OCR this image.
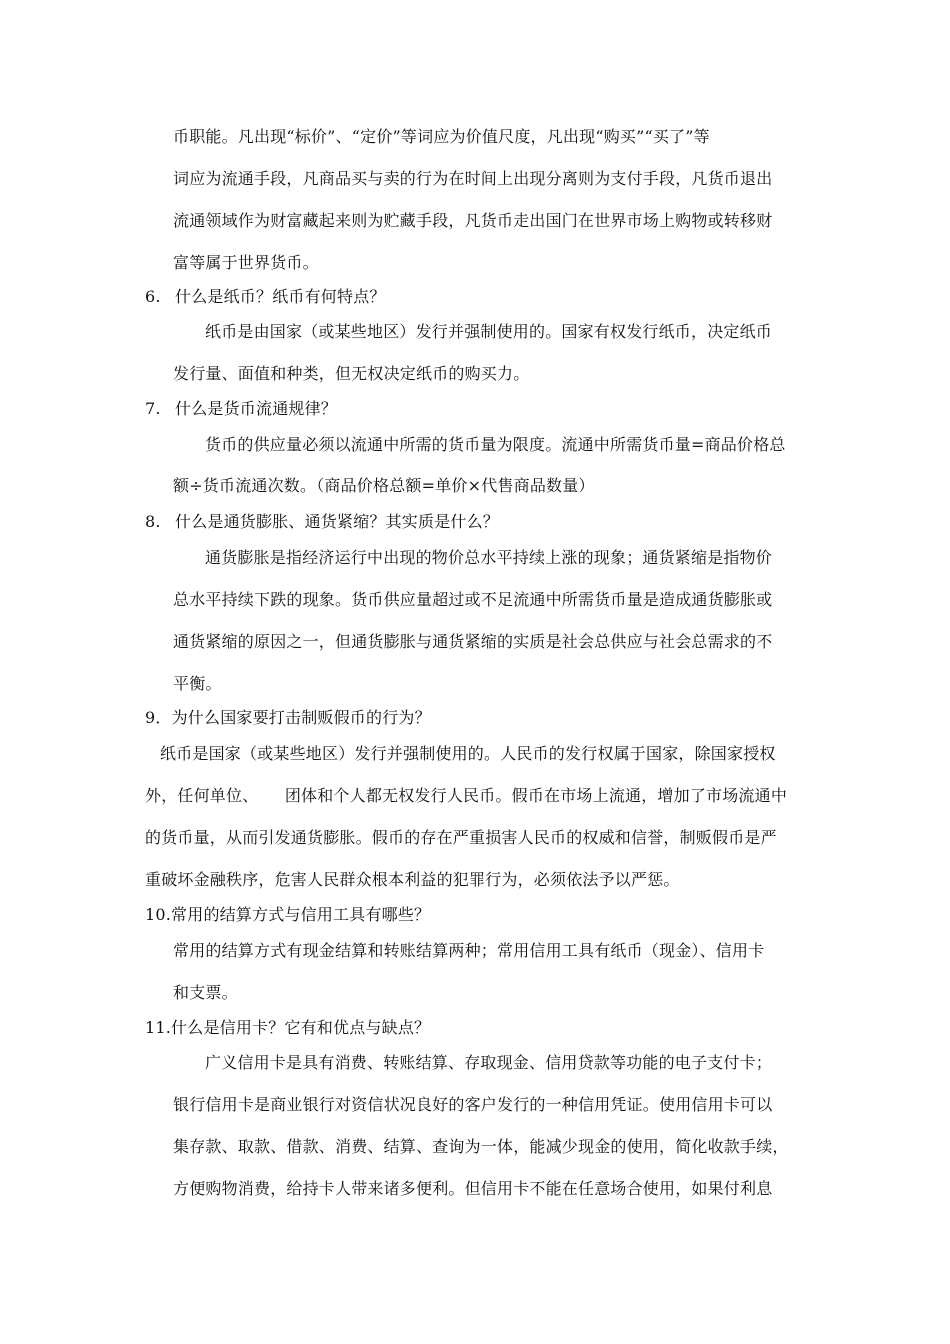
币职能。凡出现“标价”、“定价”等词应为价值尺度，凡出现“购买”“买了”等
词应为流通手段，凡商品买与卖的行为在时间上出现分离则为支付手段，凡货币退出
流通领域作为财富藏起来则为贮藏手段，凡货币走出国门在世界市场上购物或转移财
富等属于世界货币。
6. 什么是纸币？纸币有何特点？
纸币是由国家（或某些地区）发行并强制使用的。国家有权发行纸币，决定纸币
发行量、面值和种类，但无权决定纸币的购买力。
7. 什么是货币流通规律？
货币的供应量必须以流通中所需的货币量为限度。流通中所需货币量=商品价格总
额÷货币流通次数。（商品价格总额=单价×代售商品数量）
8. 什么是通货膨胀、通货紧缩？其实质是什么？
通货膨胀是指经济运行中出现的物价总水平持续上涨的现象；通货紧缩是指物价
总水平持续下跌的现象。货币供应量超过或不足流通中所需货币量是造成通货膨胀或
通货紧缩的原因之一，但通货膨胀与通货紧缩的实质是社会总供应与社会总需求的不
平衡。
9．为什么国家要打击制贩假币的行为？
纸币是国家（或某些地区）发行并强制使用的。人民币的发行权属于国家，除国家授权
外，任何单位、     团体和个人都无权发行人民币。假币在市场上流通，增加了市场流通中
的货币量，从而引发通货膨胀。假币的存在严重损害人民币的权威和信誉，制贩假币是严
重破坏金融秩序，危害人民群众根本利益的犯罪行为，必须依法予以严惩。
10.常用的结算方式与信用工具有哪些？
常用的结算方式有现金结算和转账结算两种；常用信用工具有纸币（现金）、信用卡
和支票。
11.什么是信用卡？它有和优点与缺点？
广义信用卡是具有消费、转账结算、存取现金、信用贷款等功能的电子支付卡；
银行信用卡是商业银行对资信状况良好的客户发行的一种信用凭证。使用信用卡可以
集存款、取款、借款、消费、结算、查询为一体，能减少现金的使用，简化收款手续，
方便购物消费，给持卡人带来诸多便利。但信用卡不能在任意场合使用，如果付利息
